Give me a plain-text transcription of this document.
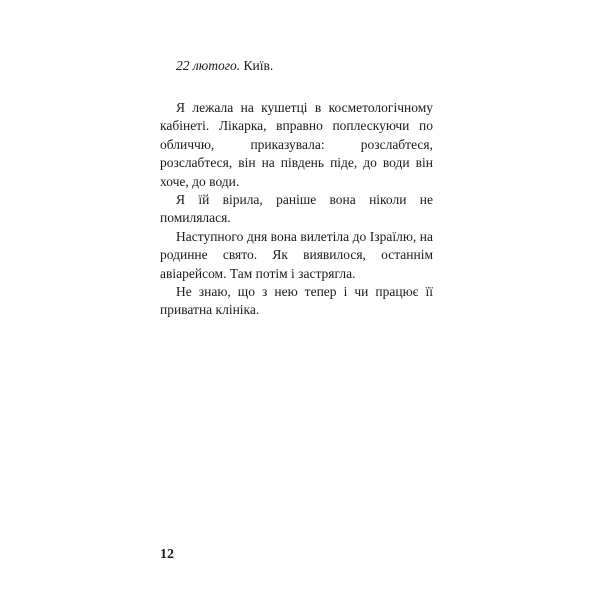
22 лютого. Київ.

Я лежала на кушетці в косметологічному кабінеті. Лікарка, вправно поплескуючи по обличчю, приказувала: розслабтеся, розслабтеся, він на південь піде, до води він хоче, до води.

Я їй вірила, раніше вона ніколи не помилялася.

Наступного дня вона вилетіла до Ізраїлю, на родинне свято. Як виявилося, останнім авіарейсом. Там потім і застрягла.

Не знаю, що з нею тепер і чи працює її приватна клініка.

12
